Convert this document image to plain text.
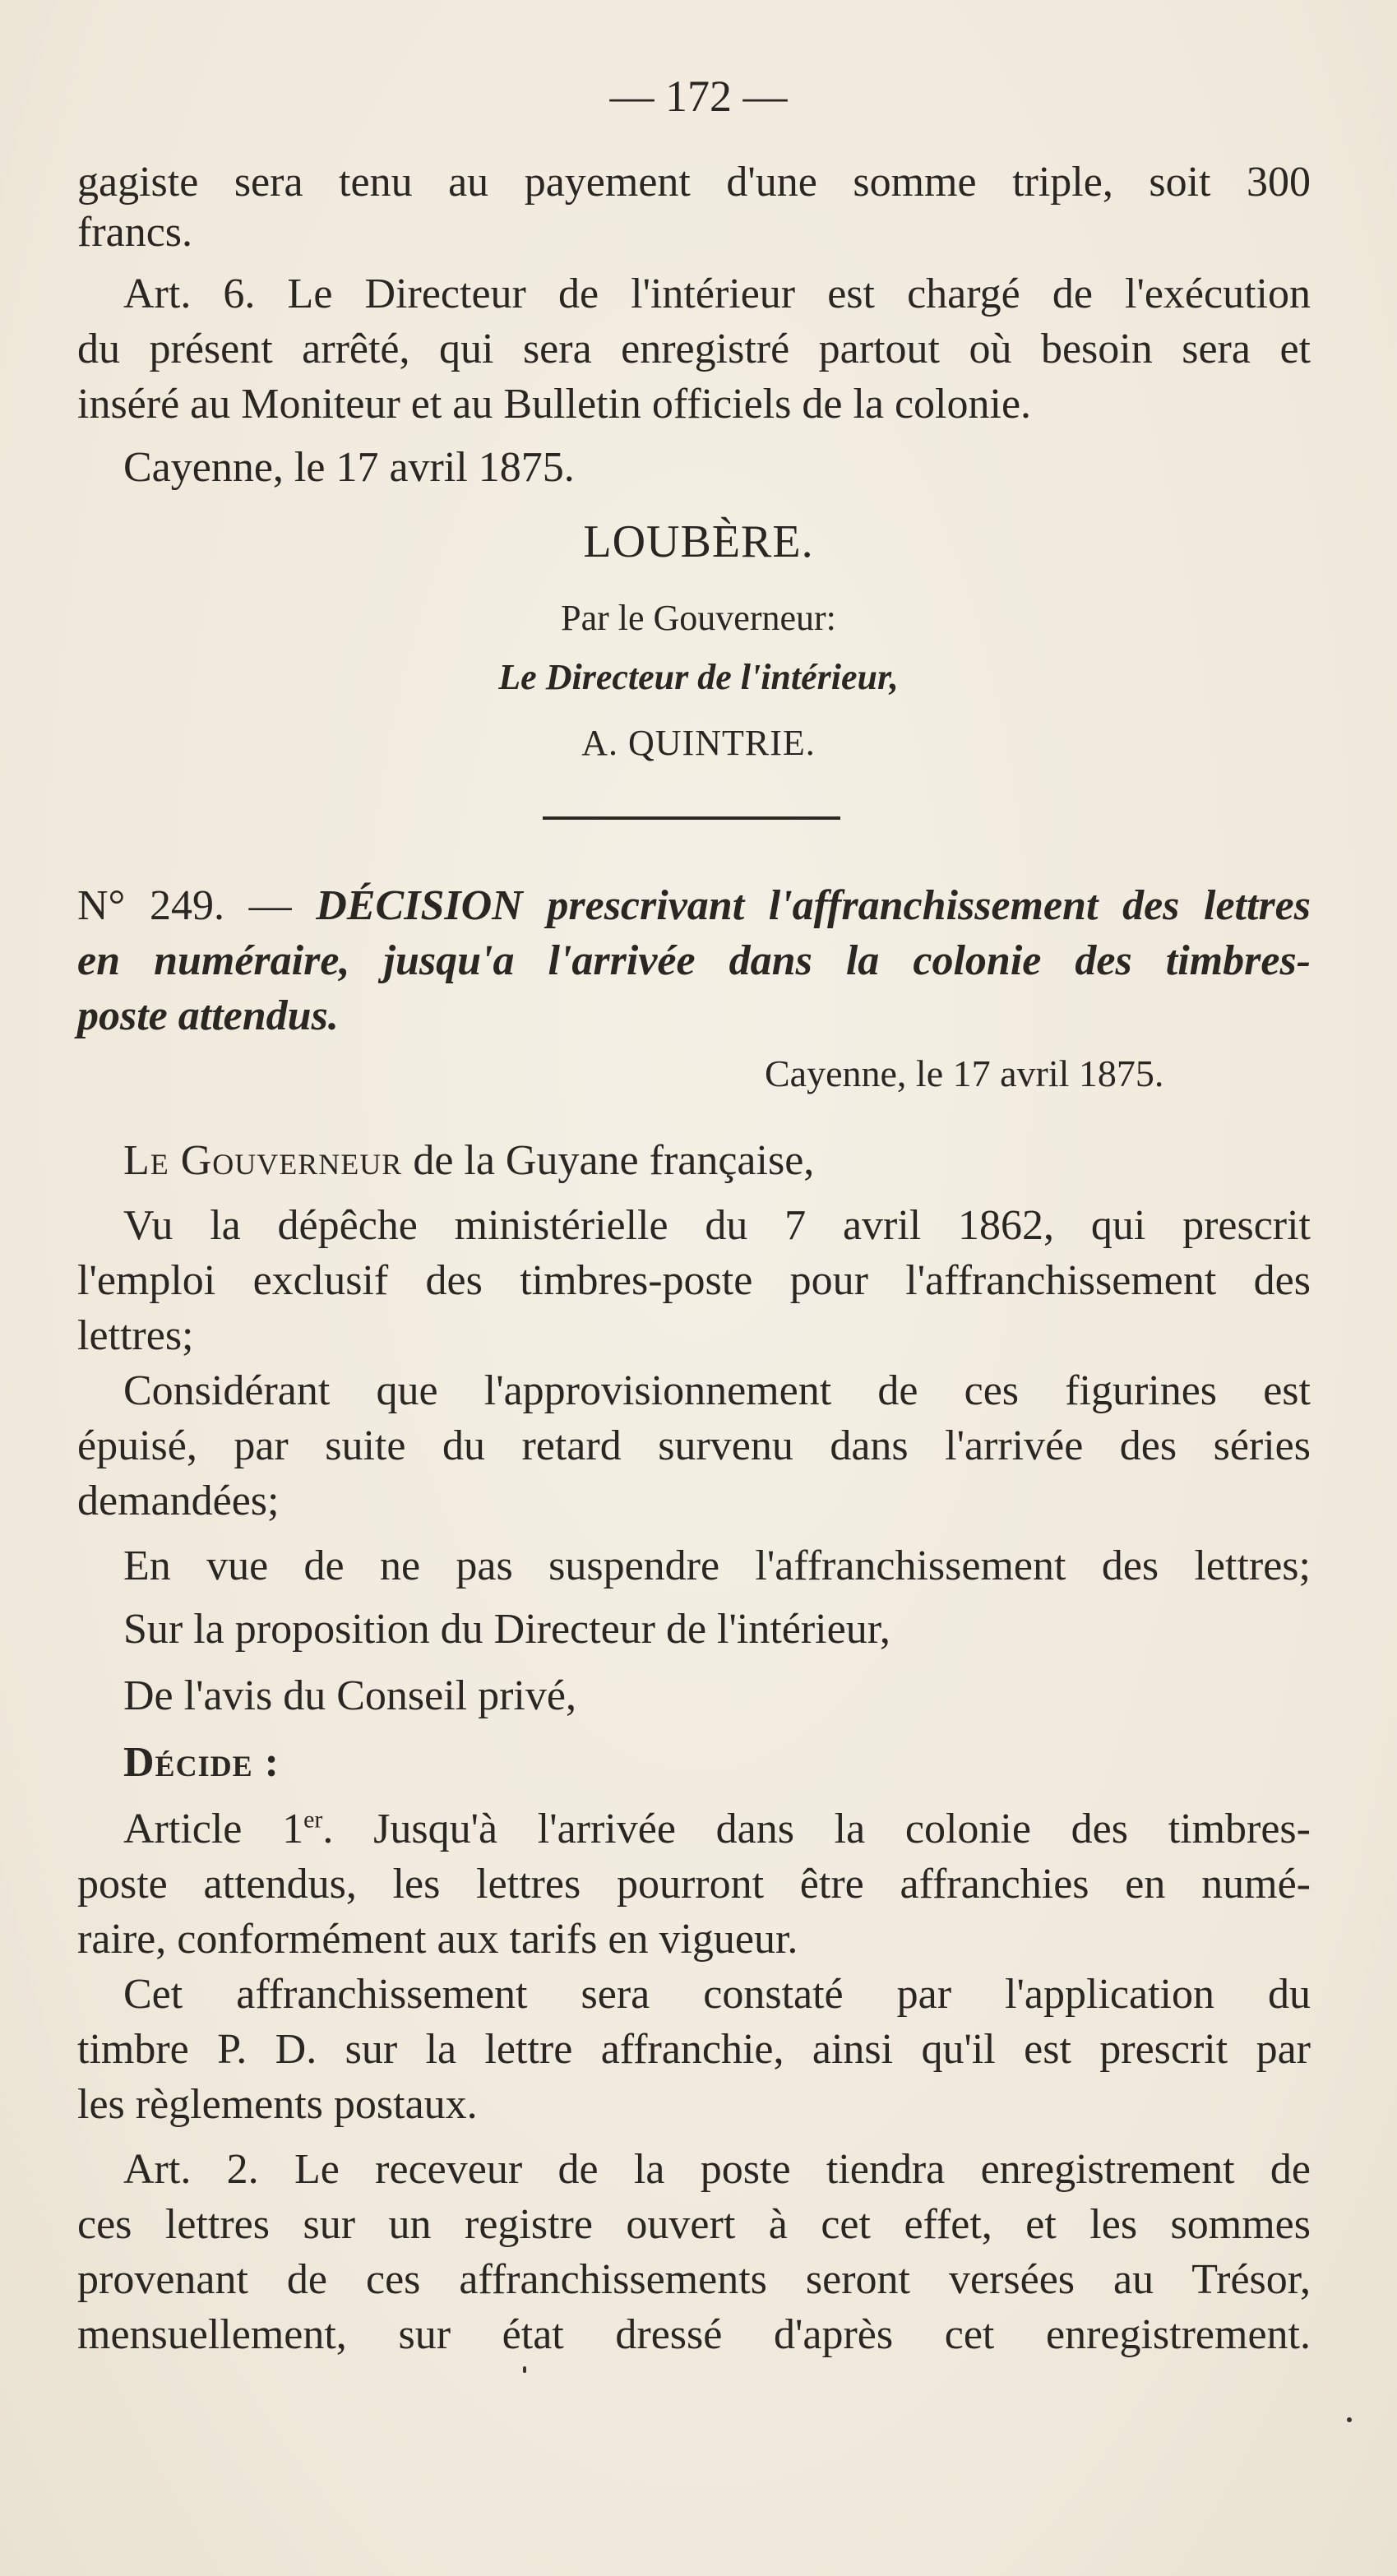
— 172 —

gagiste sera tenu au payement d'une somme triple, soit 300

francs.

Art. 6. Le Directeur de l'intérieur est chargé de l'exécution

du présent arrêté, qui sera enregistré partout où besoin sera et

inséré au Moniteur et au Bulletin officiels de la colonie.

Cayenne, le 17 avril 1875.

LOUBÈRE.
Par le Gouverneur:
Le Directeur de l'intérieur,
A. QUINTRIE.

N° 249. — DÉCISION prescrivant l'affranchissement des lettres

en numéraire, jusqu'a l'arrivée dans la colonie des timbres-

poste attendus.

Cayenne, le 17 avril 1875.

Le Gouverneur de la Guyane française,

Vu la dépêche ministérielle du 7 avril 1862, qui prescrit

l'emploi exclusif des timbres-poste pour l'affranchissement des

lettres;

Considérant que l'approvisionnement de ces figurines est

épuisé, par suite du retard survenu dans l'arrivée des séries

demandées;

En vue de ne pas suspendre l'affranchissement des lettres;

Sur la proposition du Directeur de l'intérieur,

De l'avis du Conseil privé,

Décide :

Article 1er. Jusqu'à l'arrivée dans la colonie des timbres-

poste attendus, les lettres pourront être affranchies en numé-

raire, conformément aux tarifs en vigueur.

Cet affranchissement sera constaté par l'application du

timbre P. D. sur la lettre affranchie, ainsi qu'il est prescrit par

les règlements postaux.

Art. 2. Le receveur de la poste tiendra enregistrement de

ces lettres sur un registre ouvert à cet effet, et les sommes

provenant de ces affranchissements seront versées au Trésor,

mensuellement, sur état dressé d'après cet enregistrement.
